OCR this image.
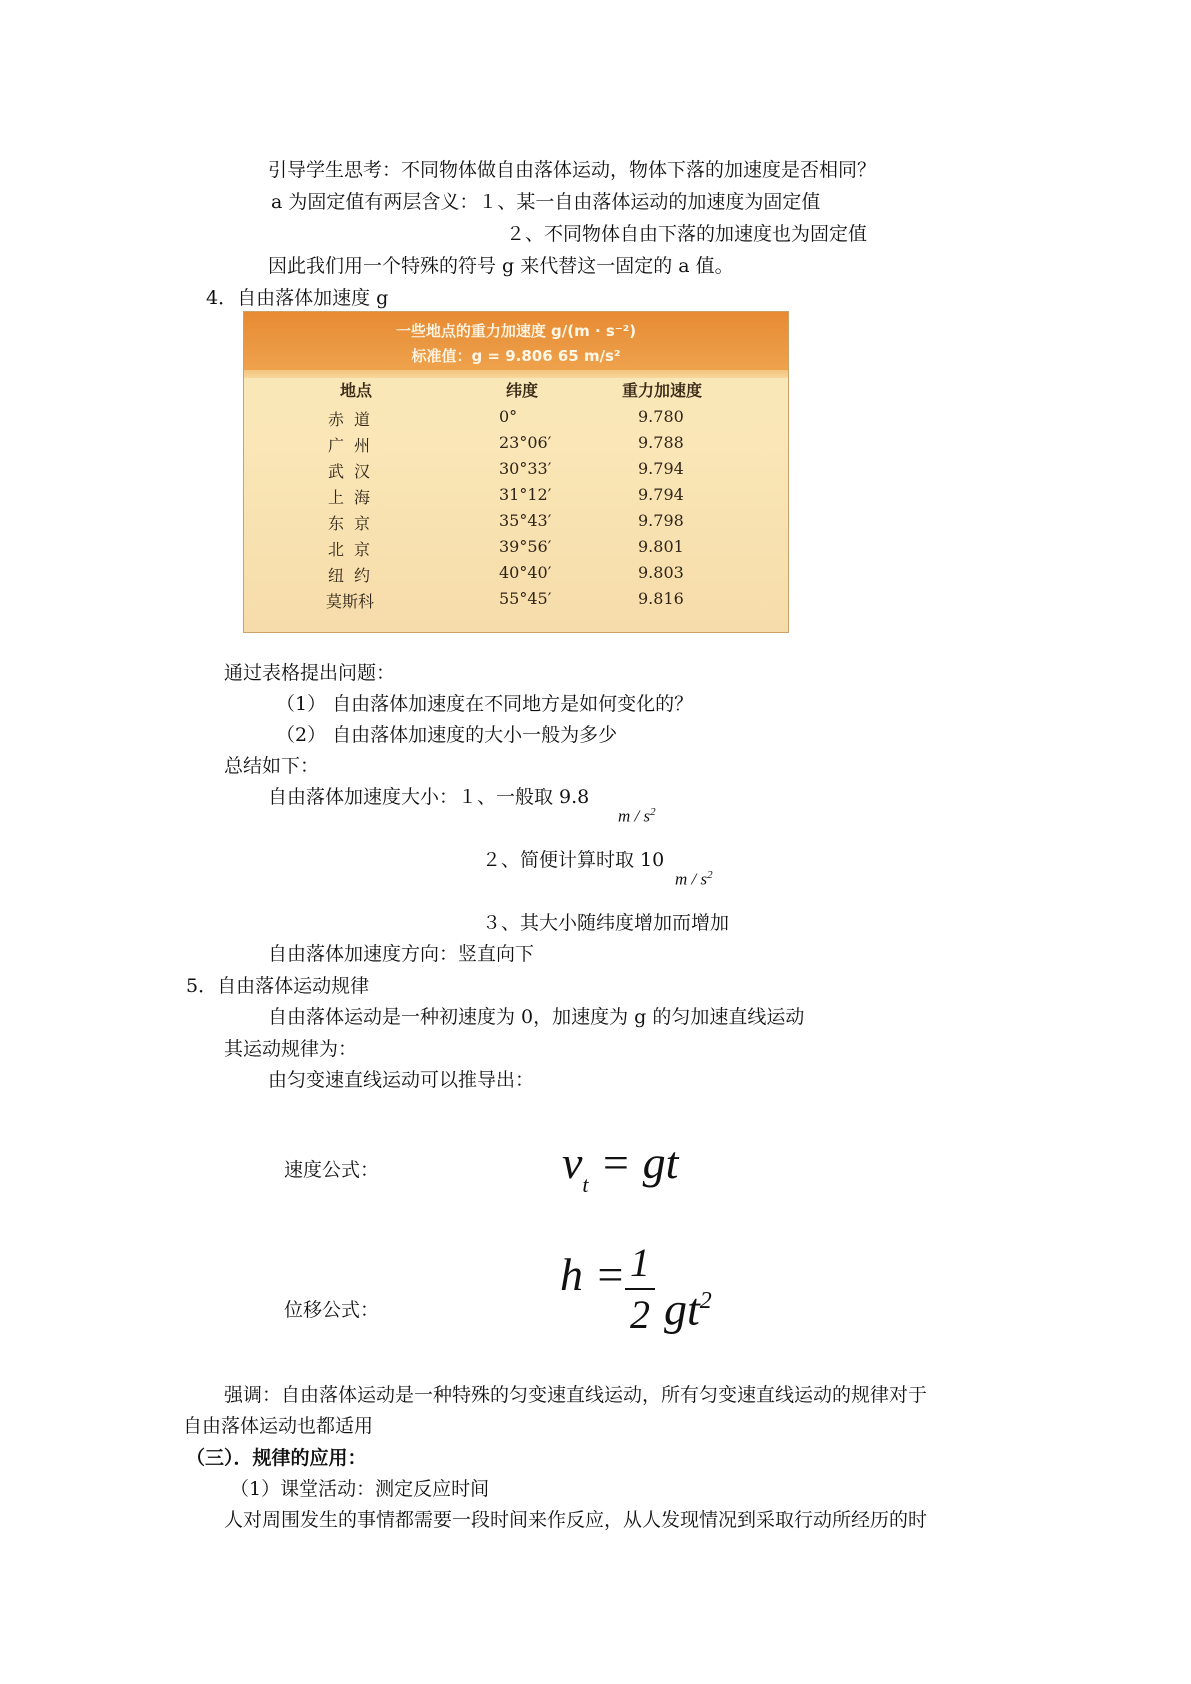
引导学生思考：不同物体做自由落体运动，物体下落的加速度是否相同？
a 为固定值有两层含义：１、某一自由落体运动的加速度为固定值
２、不同物体自由下落的加速度也为固定值
因此我们用一个特殊的符号 g 来代替这一固定的 a 值。
4．自由落体加速度 g
一些地点的重力加速度 g/(m · s⁻²)
标准值：g = 9.806 65 m/s²
地点	纬度	重力加速度
赤道	0°	9.780
广州	23°06′	9.788
武汉	30°33′	9.794
上海	31°12′	9.794
东京	35°43′	9.798
北京	39°56′	9.801
纽约	40°40′	9.803
莫斯科	55°45′	9.816
通过表格提出问题：
（1） 自由落体加速度在不同地方是如何变化的？
（2） 自由落体加速度的大小一般为多少
总结如下：
自由落体加速度大小：１、一般取 9.8
m / $s^2$
２、简便计算时取 10
m / $s^2$
３、其大小随纬度增加而增加
自由落体加速度方向：竖直向下
5．自由落体运动规律
自由落体运动是一种初速度为 0，加速度为 g 的匀加速直线运动
其运动规律为：
由匀变速直线运动可以推导出：
速度公式：	$v_t$ = gt
位移公式：
h = 1
2 $gt^2$
强调：自由落体运动是一种特殊的匀变速直线运动，所有匀变速直线运动的规律对于
自由落体运动也都适用
（三）．规律的应用：
（1）课堂活动：测定反应时间
人对周围发生的事情都需要一段时间来作反应，从人发现情况到采取行动所经历的时
